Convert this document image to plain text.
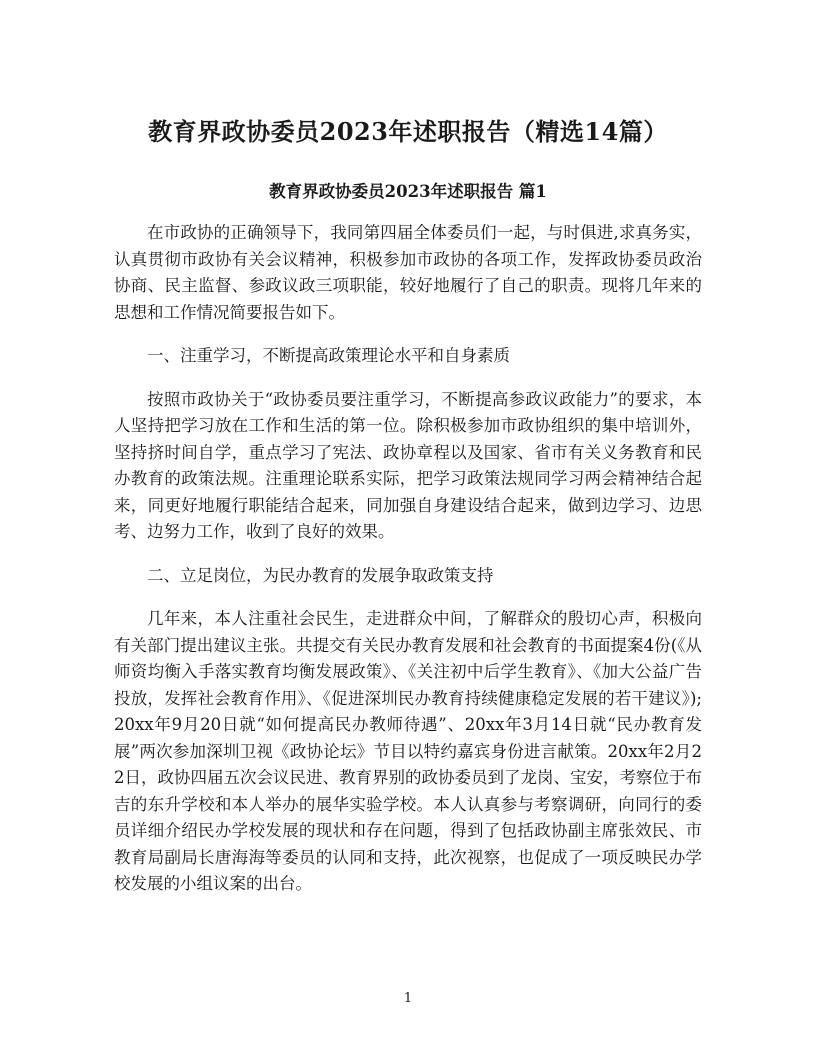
教育界政协委员2023年述职报告（精选14篇）
教育界政协委员2023年述职报告 篇1

在市政协的正确领导下，我同第四届全体委员们一起，与时俱进,求真务实，认真贯彻市政协有关会议精神，积极参加市政协的各项工作，发挥政协委员政治协商、民主监督、参政议政三项职能，较好地履行了自己的职责。现将几年来的思想和工作情况简要报告如下。

一、注重学习，不断提高政策理论水平和自身素质

按照市政协关于“政协委员要注重学习，不断提高参政议政能力”的要求，本人坚持把学习放在工作和生活的第一位。除积极参加市政协组织的集中培训外，坚持挤时间自学，重点学习了宪法、政协章程以及国家、省市有关义务教育和民办教育的政策法规。注重理论联系实际，把学习政策法规同学习两会精神结合起来，同更好地履行职能结合起来，同加强自身建设结合起来，做到边学习、边思考、边努力工作，收到了良好的效果。

二、立足岗位，为民办教育的发展争取政策支持

几年来，本人注重社会民生，走进群众中间，了解群众的殷切心声，积极向有关部门提出建议主张。共提交有关民办教育发展和社会教育的书面提案4份(《从师资均衡入手落实教育均衡发展政策》、《关注初中后学生教育》、《加大公益广告投放，发挥社会教育作用》、《促进深圳民办教育持续健康稳定发展的若干建议》);20xx年9月20日就“如何提高民办教师待遇”、20xx年3月14日就“民办教育发展”两次参加深圳卫视《政协论坛》节目以特约嘉宾身份进言献策。20xx年2月22日，政协四届五次会议民进、教育界别的政协委员到了龙岗、宝安，考察位于布吉的东升学校和本人举办的展华实验学校。本人认真参与考察调研，向同行的委员详细介绍民办学校发展的现状和存在问题，得到了包括政协副主席张效民、市教育局副局长唐海海等委员的认同和支持，此次视察，也促成了一项反映民办学校发展的小组议案的出台。

1
